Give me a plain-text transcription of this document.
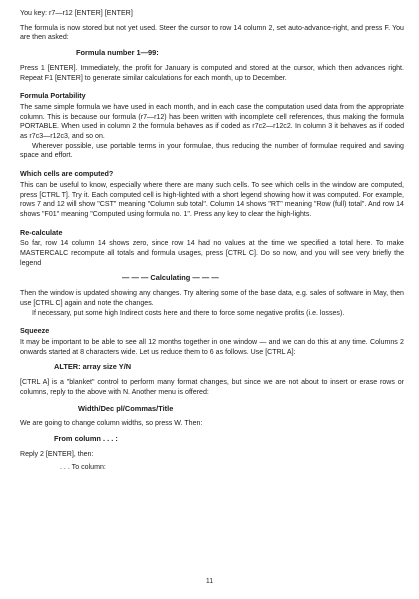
You key: r7—r12 [ENTER] [ENTER]

The formula is now stored but not yet used. Steer the cursor to row 14 column 2, set auto-advance-right, and press F. You are then asked:

Formula number 1—99:

Press 1 [ENTER]. Immediately, the profit for January is computed and stored at the cursor, which then advances right. Repeat F1 [ENTER] to generate similar calculations for each month, up to December.

Formula Portability

The same simple formula we have used in each month, and in each case the computation used data from the appropriate column. This is because our formula (r7—r12) has been written with incomplete cell references, thus making the formula PORTABLE. When used in column 2 the formula behaves as if coded as r7c2—r12c2. In column 3 it behaves as if coded as r7c3—r12c3, and so on.

Wherever possible, use portable terms in your formulae, thus reducing the number of formulae required and saving space and effort.

Which cells are computed?

This can be useful to know, especially where there are many such cells. To see which cells in the window are computed, press [CTRL T]. Try it. Each computed cell is high-lighted with a short legend showing how it was computed. For example, rows 7 and 12 will show "CST" meaning "Column sub total". Column 14 shows "RT" meaning "Row (full) total". And row 14 shows "F01" meaning "Computed using formula no. 1". Press any key to clear the high-lights.

Re-calculate

So far, row 14 column 14 shows zero, since row 14 had no values at the time we specified a total here. To make MASTERCALC recompute all totals and formula usages, press [CTRL C]. Do so now, and you will see very briefly the legend

— — — Calculating — — —

Then the window is updated showing any changes. Try altering some of the base data, e.g. sales of software in May, then use [CTRL C] again and note the changes.

If necessary, put some high Indirect costs here and there to force some negative profits (i.e. losses).

Squeeze

It may be important to be able to see all 12 months together in one window — and we can do this at any time. Columns 2 onwards started at 8 characters wide. Let us reduce them to 6 as follows. Use [CTRL A]:

ALTER: array size Y/N

[CTRL A] is a "blanket" control to perform many format changes, but since we are not about to insert or erase rows or columns, reply to the above with N. Another menu is offered:

Width/Dec pl/Commas/Title

We are going to change column widths, so press W. Then:

From column . . . :

Reply 2 [ENTER], then:

. . . To column:

11
